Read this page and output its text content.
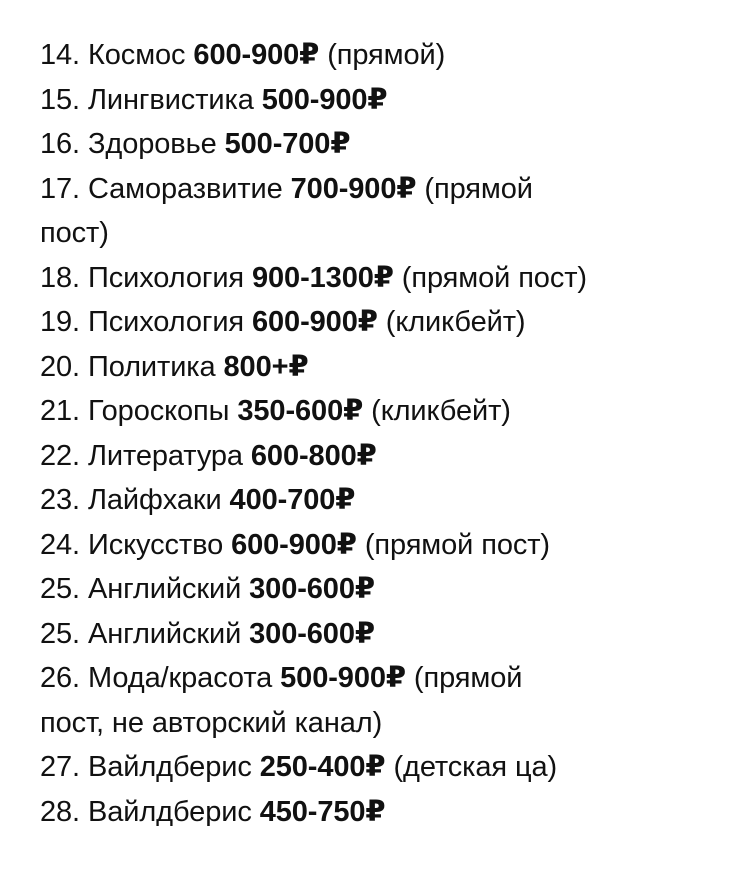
14. Космос 600-900₽ (прямой)
15. Лингвистика 500-900₽
16. Здоровье 500-700₽
17. Саморазвитие 700-900₽ (прямой
пост)
18. Психология 900-1300₽ (прямой пост)
19. Психология 600-900₽ (кликбейт)
20. Политика 800+₽
21. Гороскопы 350-600₽ (кликбейт)
22. Литература 600-800₽
23. Лайфхаки 400-700₽
24. Искусство 600-900₽ (прямой пост)
25. Английский 300-600₽
25. Английский 300-600₽
26. Мода/красота 500-900₽ (прямой
пост, не авторский канал)
27. Вайлдберис 250-400₽ (детская ца)
28. Вайлдберис 450-750₽
